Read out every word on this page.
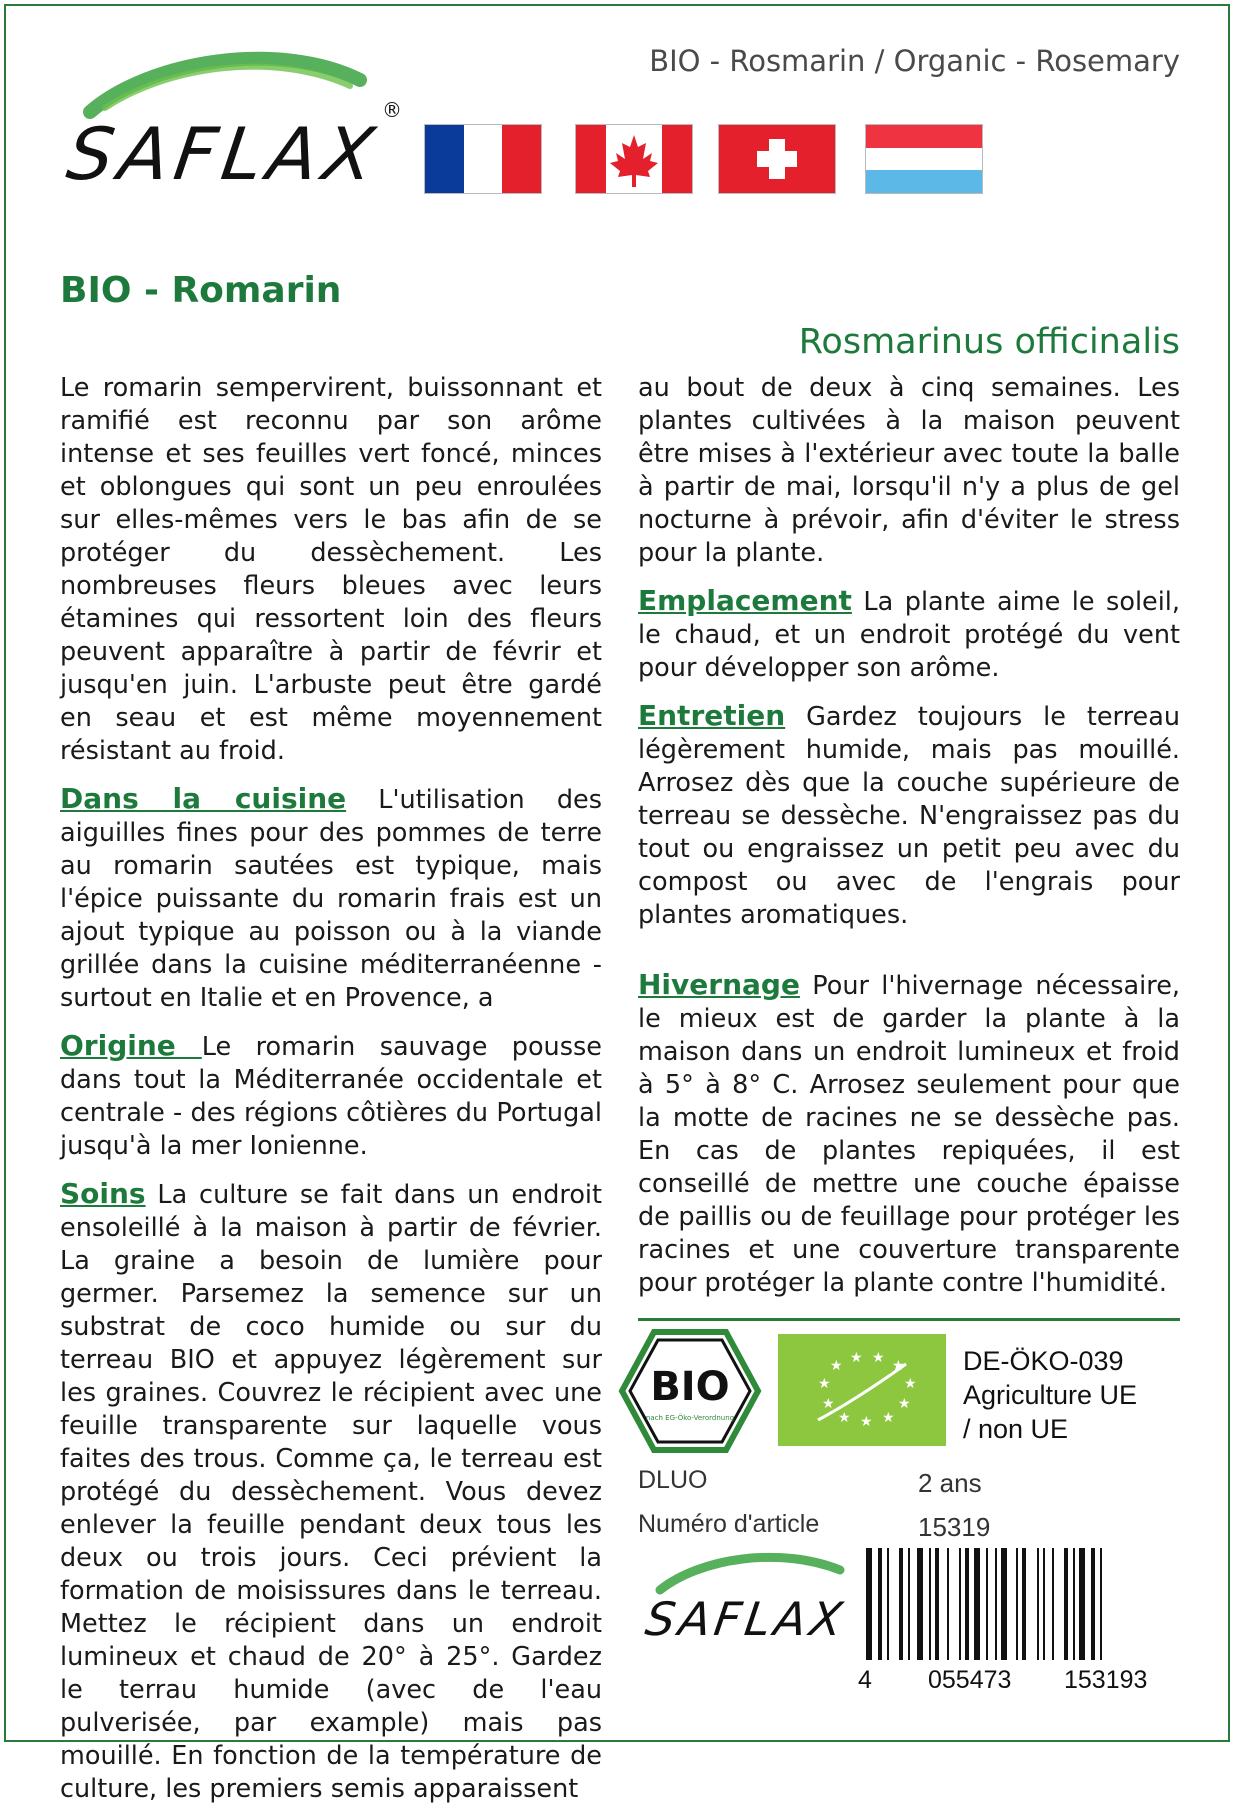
BIO - Rosmarin / Organic - Rosemary
SAFLAX
®
BIO - Romarin
Rosmarinus officinalis

Le romarin sempervirent, buissonnant et ramifié est reconnu par son arôme intense et ses feuilles vert foncé, minces et oblongues qui sont un peu enroulées sur elles-mêmes vers le bas afin de se protéger du dessèchement. Les nombreuses fleurs bleues avec leurs étamines qui ressortent loin des fleurs peuvent apparaître à partir de févrir et jusqu'en juin. L'arbuste peut être gardé en seau et est même moyennement résistant au froid.

Dans la cuisine L'utilisation des aiguilles fines pour des pommes de terre au romarin sautées est typique, mais l'épice puissante du romarin frais est un ajout typique au poisson ou à la viande grillée dans la cuisine méditerranéenne - surtout en Italie et en Provence, a

Origine Le romarin sauvage pousse dans tout la Méditerranée occidentale et centrale - des régions côtières du Portugal jusqu'à la mer Ionienne.

Soins La culture se fait dans un endroit ensoleillé à la maison à partir de février. La graine a besoin de lumière pour germer. Parsemez la semence sur un substrat de coco humide ou sur du terreau BIO et appuyez légèrement sur les graines. Couvrez le récipient avec une feuille transparente sur laquelle vous faites des trous. Comme ça, le terreau est protégé du dessèchement. Vous devez enlever la feuille pendant deux tous les deux ou trois jours. Ceci prévient la formation de moisissures dans le terreau. Mettez le récipient dans un endroit lumineux et chaud de 20° à 25°. Gardez le terrau humide (avec de l'eau pulverisée, par example) mais pas mouillé. En fonction de la température de culture, les premiers semis apparaissent

au bout de deux à cinq semaines. Les plantes cultivées à la maison peuvent être mises à l'extérieur avec toute la balle à partir de mai, lorsqu'il n'y a plus de gel nocturne à prévoir, afin d'éviter le stress pour la plante.

Emplacement La plante aime le soleil, le chaud, et un endroit protégé du vent pour développer son arôme.

Entretien Gardez toujours le terreau légèrement humide, mais pas mouillé. Arrosez dès que la couche supérieure de terreau se dessèche. N'engraissez pas du tout ou engraissez un petit peu avec du compost ou avec de l'engrais pour plantes aromatiques.

Hivernage Pour l'hivernage nécessaire, le mieux est de garder la plante à la maison dans un endroit lumineux et froid à 5° à 8° C. Arrosez seulement pour que la motte de racines ne se dessèche pas. En cas de plantes repiquées, il est conseillé de mettre une couche épaisse de paillis ou de feuillage pour protéger les racines et une couverture transparente pour protéger la plante contre l'humidité.

BIO
nach EG-Öko-Verordnung
★ ★ ★ ★
★
★
★
★ ★ ★
★
DE-ÖKO-039
Agriculture UE
/ non UE
DLUO	2 ans
Numéro d'article	15319
SAFLAX
4 055473 153193
